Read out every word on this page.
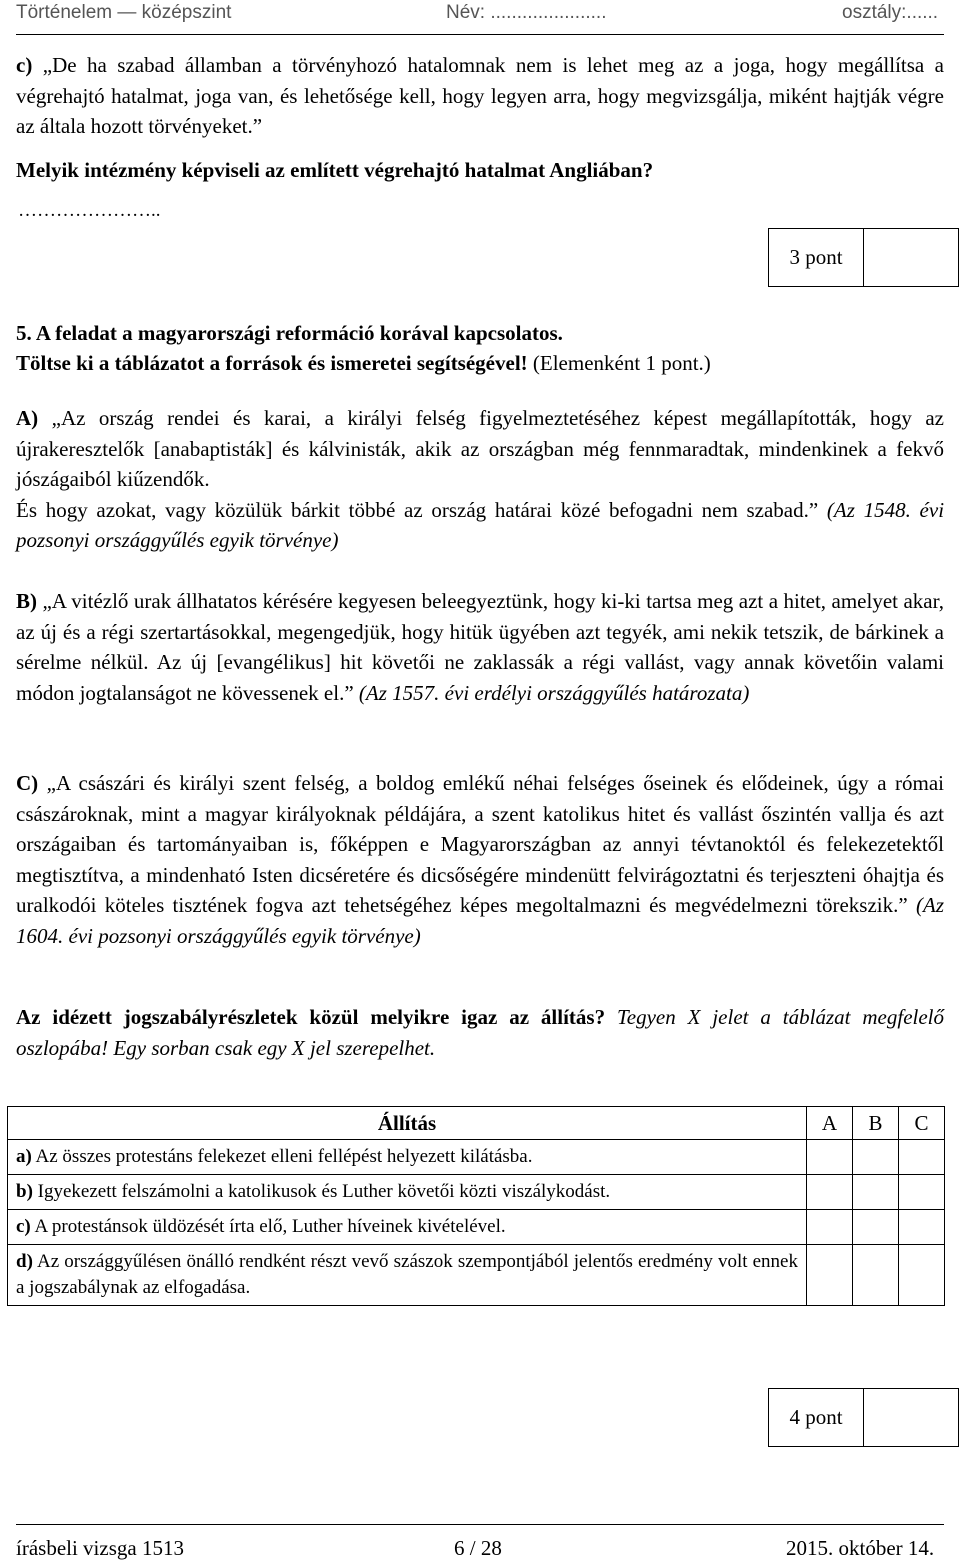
Történelem — középszint	Név: ......................	osztály:......

c) „De ha szabad államban a törvényhozó hatalomnak nem is lehet meg az a joga, hogy megállítsa a végrehajtó hatalmat, joga van, és lehetősége kell, hogy legyen arra, hogy megvizsgálja, miként hajtják végre az általa hozott törvényeket.”

Melyik intézmény képviseli az említett végrehajtó hatalmat Angliában?

…………………..
3 pont

5. A feladat a magyarországi reformáció korával kapcsolatos.

Töltse ki a táblázatot a források és ismeretei segítségével! (Elemenként 1 pont.)

A) „Az ország rendei és karai, a királyi felség figyelmeztetéséhez képest megállapították, hogy az újrakeresztelők [anabaptisták] és kálvinisták, akik az országban még fennmaradtak, mindenkinek a fekvő jószágaiból kiűzendők.
És hogy azokat, vagy közülük bárkit többé az ország határai közé befogadni nem szabad.” (Az 1548. évi pozsonyi országgyűlés egyik törvénye)

B) „A vitézlő urak állhatatos kérésére kegyesen beleegyeztünk, hogy ki-ki tartsa meg azt a hitet, amelyet akar, az új és a régi szertartásokkal, megengedjük, hogy hitük ügyében azt tegyék, ami nekik tetszik, de bárkinek a sérelme nélkül. Az új [evangélikus] hit követői ne zaklassák a régi vallást, vagy annak követőin valami módon jogtalanságot ne kövessenek el.” (Az 1557. évi erdélyi országgyűlés határozata)

C) „A császári és királyi szent felség, a boldog emlékű néhai felséges őseinek és elődeinek, úgy a római császároknak, mint a magyar királyoknak példájára, a szent katolikus hitet és vallást őszintén vallja és azt országaiban és tartományaiban is, főképpen e Magyarországban az annyi tévtanoktól és felekezetektől megtisztítva, a mindenható Isten dicséretére és dicsőségére mindenütt felvirágoztatni és terjeszteni óhajtja és uralkodói köteles tisztének fogva azt tehetségéhez képes megoltalmazni és megvédelmezni törekszik.” (Az 1604. évi pozsonyi országgyűlés egyik törvénye)

Az idézett jogszabályrészletek közül melyikre igaz az állítás? Tegyen X jelet a táblázat megfelelő oszlopába! Egy sorban csak egy X jel szerepelhet.

Állítás	A	B	C
a) Az összes protestáns felekezet elleni fellépést helyezett kilátásba.			
b) Igyekezett felszámolni a katolikusok és Luther követői közti viszálykodást.			
c) A protestánsok üldözését írta elő, Luther híveinek kivételével.			
d) Az országgyűlésen önálló rendként részt vevő szászok szempontjából jelentős eredmény volt ennek a jogszabálynak az elfogadása.			
4 pont
írásbeli vizsga 1513	6 / 28	2015. október 14.
